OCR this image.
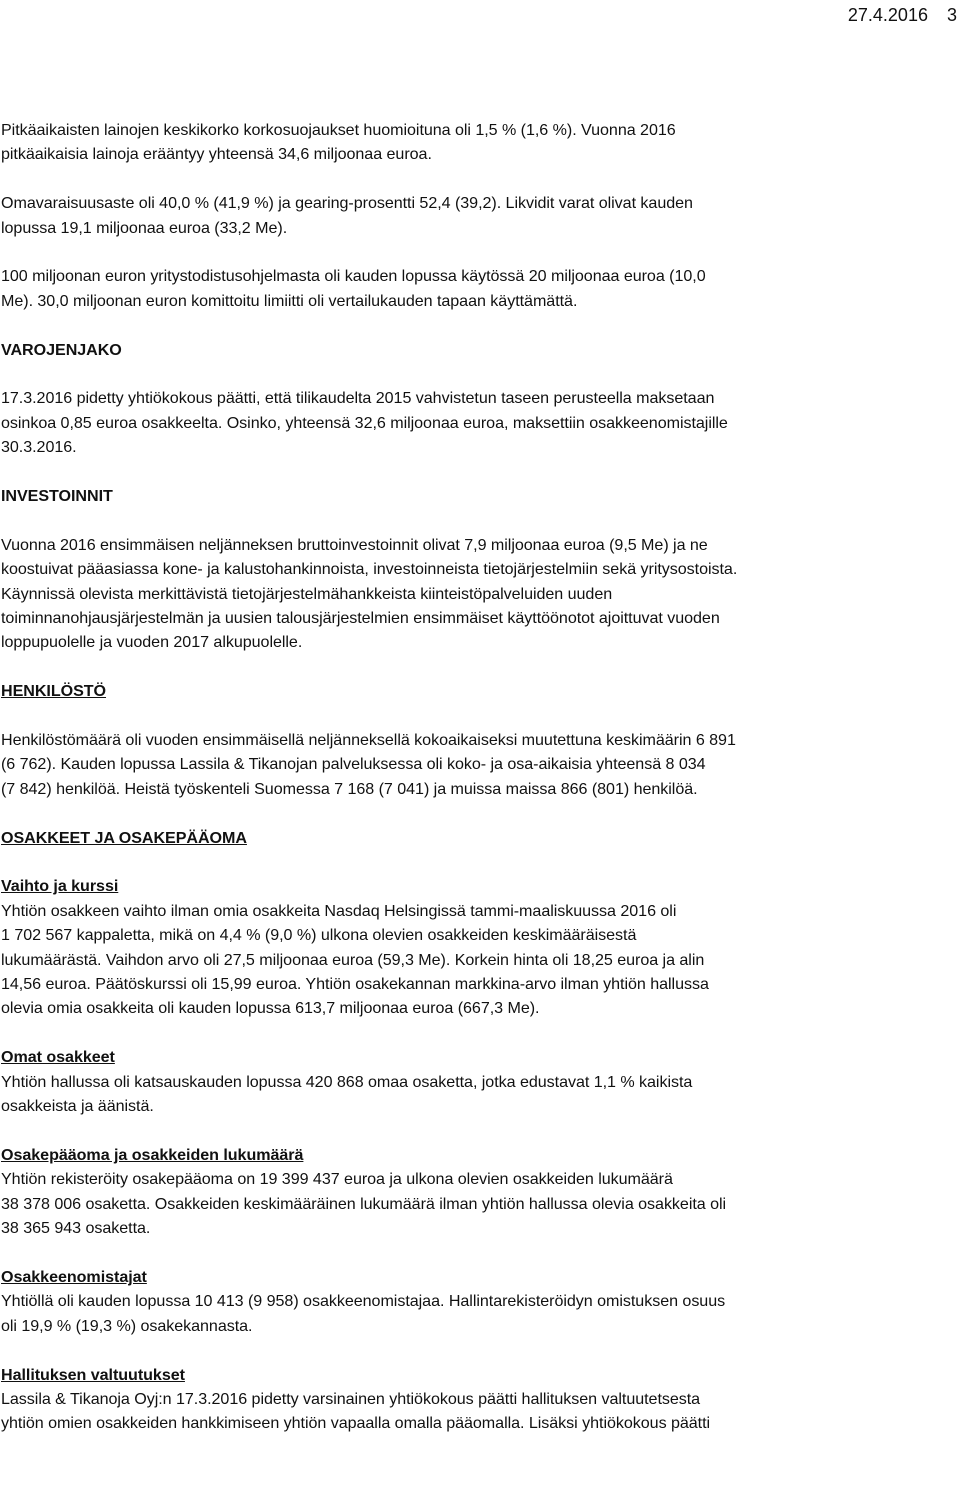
27.4.2016 3

Pitkäaikaisten lainojen keskikorko korkosuojaukset huomioituna oli 1,5 % (1,6 %). Vuonna 2016
pitkäaikaisia lainoja erääntyy yhteensä 34,6 miljoonaa euroa.

Omavaraisuusaste oli 40,0 % (41,9 %) ja gearing-prosentti 52,4 (39,2). Likvidit varat olivat kauden
lopussa 19,1 miljoonaa euroa (33,2 Me).

100 miljoonan euron yritystodistusohjelmasta oli kauden lopussa käytössä 20 miljoonaa euroa (10,0
Me). 30,0 miljoonan euron komittoitu limiitti oli vertailukauden tapaan käyttämättä.

VAROJENJAKO

17.3.2016 pidetty yhtiökokous päätti, että tilikaudelta 2015 vahvistetun taseen perusteella maksetaan
osinkoa 0,85 euroa osakkeelta. Osinko, yhteensä 32,6 miljoonaa euroa, maksettiin osakkeenomistajille
30.3.2016.

INVESTOINNIT

Vuonna 2016 ensimmäisen neljänneksen bruttoinvestoinnit olivat 7,9 miljoonaa euroa (9,5 Me) ja ne
koostuivat pääasiassa kone- ja kalustohankinnoista, investoinneista tietojärjestelmiin sekä yritysostoista.
Käynnissä olevista merkittävistä tietojärjestelmähankkeista kiinteistöpalveluiden uuden
toiminnanohjausjärjestelmän ja uusien talousjärjestelmien ensimmäiset käyttöönotot ajoittuvat vuoden
loppupuolelle ja vuoden 2017 alkupuolelle.

HENKILÖSTÖ

Henkilöstömäärä oli vuoden ensimmäisellä neljänneksellä kokoaikaiseksi muutettuna keskimäärin 6 891
(6 762). Kauden lopussa Lassila & Tikanojan palveluksessa oli koko- ja osa-aikaisia yhteensä 8 034
(7 842) henkilöä. Heistä työskenteli Suomessa 7 168 (7 041) ja muissa maissa 866 (801) henkilöä.

OSAKKEET JA OSAKEPÄÄOMA
Vaihto ja kurssi

Yhtiön osakkeen vaihto ilman omia osakkeita Nasdaq Helsingissä tammi-maaliskuussa 2016 oli
1 702 567 kappaletta, mikä on 4,4 % (9,0 %) ulkona olevien osakkeiden keskimääräisestä
lukumäärästä. Vaihdon arvo oli 27,5 miljoonaa euroa (59,3 Me). Korkein hinta oli 18,25 euroa ja alin
14,56 euroa. Päätöskurssi oli 15,99 euroa. Yhtiön osakekannan markkina-arvo ilman yhtiön hallussa
olevia omia osakkeita oli kauden lopussa 613,7 miljoonaa euroa (667,3 Me).

Omat osakkeet

Yhtiön hallussa oli katsauskauden lopussa 420 868 omaa osaketta, jotka edustavat 1,1 % kaikista
osakkeista ja äänistä.

Osakepääoma ja osakkeiden lukumäärä

Yhtiön rekisteröity osakepääoma on 19 399 437 euroa ja ulkona olevien osakkeiden lukumäärä
38 378 006 osaketta. Osakkeiden keskimääräinen lukumäärä ilman yhtiön hallussa olevia osakkeita oli
38 365 943 osaketta.

Osakkeenomistajat

Yhtiöllä oli kauden lopussa 10 413 (9 958) osakkeenomistajaa. Hallintarekisteröidyn omistuksen osuus
oli 19,9 % (19,3 %) osakekannasta.

Hallituksen valtuutukset

Lassila & Tikanoja Oyj:n 17.3.2016 pidetty varsinainen yhtiökokous päätti hallituksen valtuutetsesta
yhtiön omien osakkeiden hankkimiseen yhtiön vapaalla omalla pääomalla. Lisäksi yhtiökokous päätti
